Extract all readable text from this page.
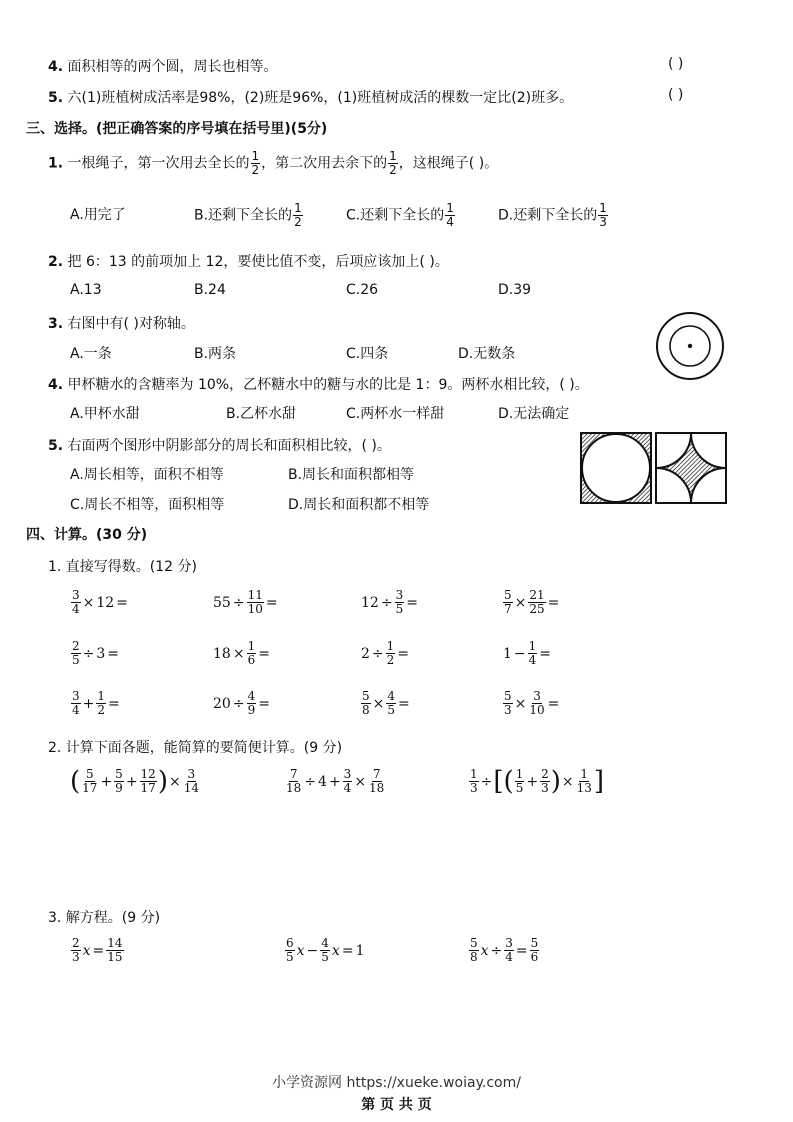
4. 面积相等的两个圆，周长也相等。	( )
5. 六(1)班植树成活率是98%，(2)班是96%，(1)班植树成活的棵数一定比(2)班多。	( )
三、选择。(把正确答案的序号填在括号里)(5分)
1. 一根绳子，第一次用去全长的 $\frac{1}{2}$ ，第二次用去余下的 $\frac{1}{2}$ ，这根绳子( )。
A.用完了	B.还剩下全长的 $\frac{1}{2}$	C.还剩下全长的 $\frac{1}{4}$	D.还剩下全长的 $\frac{1}{3}$
2. 把 6：13 的前项加上 12，要使比值不变，后项应该加上( )。
A.13	B.24	C.26	D.39
3. 右图中有( )对称轴。
A.一条	B.两条	C.四条	D.无数条
4. 甲杯糖水的含糖率为 10%，乙杯糖水中的糖与水的比是 1：9。两杯水相比较，( )。
A.甲杯水甜	B.乙杯水甜	C.两杯水一样甜	D.无法确定
5. 右面两个图形中阴影部分的周长和面积相比较，( )。
A.周长相等，面积不相等	B.周长和面积都相等
C.周长不相等，面积相等	D.周长和面积都不相等
四、计算。(30 分)
1. 直接写得数。(12 分)
$\frac{3}{4} \times 12$ =	$55 \div \frac{11}{10}$ =	$12 \div \frac{3}{5}$ =	$\frac{5}{7} \times \frac{21}{25}$ =
$\frac{2}{5} \div 3$ =	$18 \times \frac{1}{6}$ =	$2 \div \frac{1}{2}$ =	$1 - \frac{1}{4}$ =
$\frac{3}{4} + \frac{1}{2}$ =	$20 \div \frac{4}{9}$ =	$\frac{5}{8} \times \frac{4}{5}$ =	$\frac{5}{3} \times \frac{3}{10}$ =
2. 计算下面各题，能简算的要简便计算。(9 分)
( $\frac{5}{17} + \frac{5}{9} + \frac{12}{17}$ )× $\frac{3}{14}$	$\frac{7}{18} \div 4 + \frac{3}{4} \times \frac{7}{18}$	$\frac{1}{3}$ ÷[( $\frac{1}{5} + \frac{2}{3}$ )× $\frac{1}{13}$ ]
3. 解方程。(9 分)
$\frac{2}{3}$ $x = \frac{14}{15}$	$\frac{6}{5}$ $x - \frac{4}{5}$ x = 1	$\frac{5}{8}$ $x \div \frac{3}{4} = \frac{5}{6}$
小学资源网 https://xueke.woiay.com/
第 页 共 页
